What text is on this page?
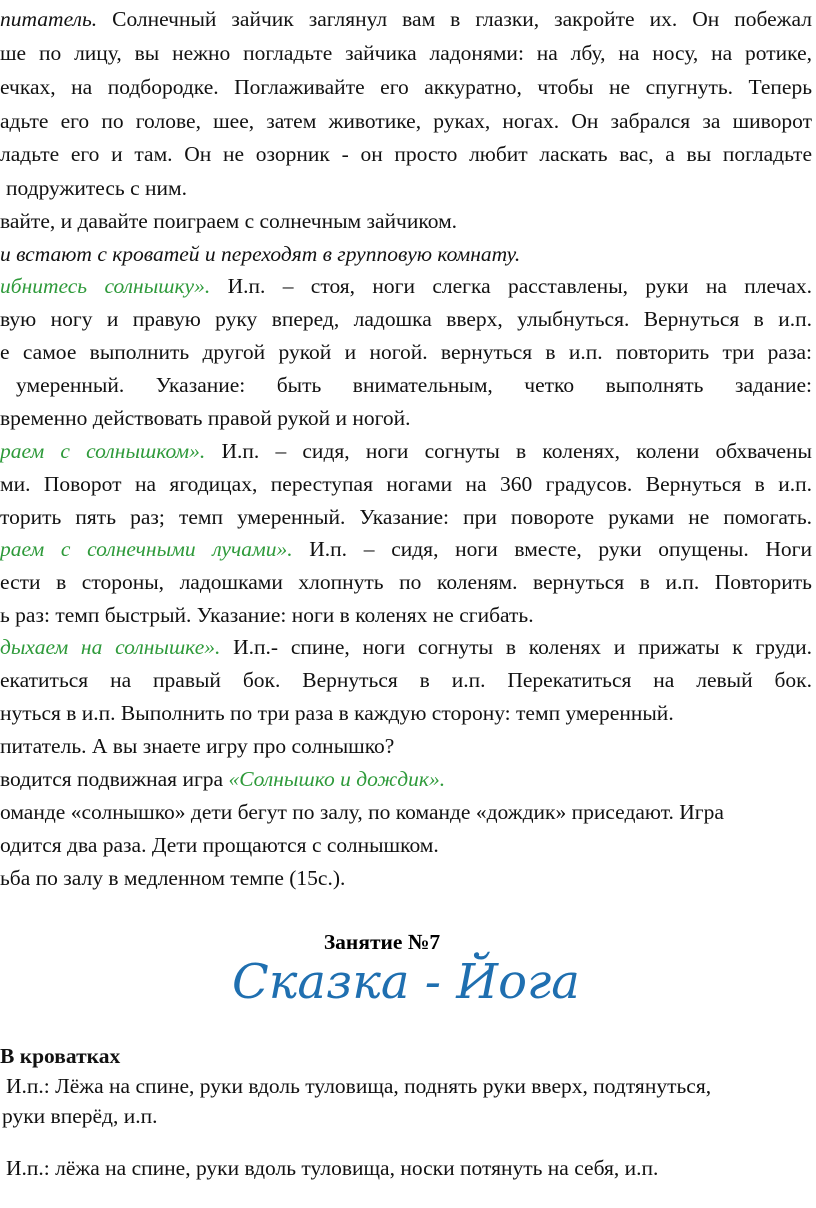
питатель. Солнечный зайчик заглянул вам в глазки, закройте их. Он побежал
ше по лицу, вы нежно погладьте зайчика ладонями: на лбу, на носу, на ротике,
ечках, на подбородке. Поглаживайте его аккуратно, чтобы не спугнуть. Теперь
адьте его по голове, шее, затем животике, руках, ногах. Он забрался за шиворот
ладьте его и там. Он не озорник - он просто любит ласкать вас, а вы погладьте
подружитесь с ним.
вайте, и давайте поиграем с солнечным зайчиком.
и встают с кроватей и переходят в групповую комнату.
ибнитесь солнышку». И.п. – стоя, ноги слегка расставлены, руки на плечах.
вую ногу и правую руку вперед, ладошка вверх, улыбнуться. Вернуться в и.п.
е самое выполнить другой рукой и ногой. вернуться в и.п. повторить три раза:
умеренный. Указание: быть внимательным, четко выполнять задание:
временно действовать правой рукой и ногой.
раем с солнышком». И.п. – сидя, ноги согнуты в коленях, колени обхвачены
ми. Поворот на ягодицах, переступая ногами на 360 градусов. Вернуться в и.п.
торить пять раз; темп умеренный. Указание: при повороте руками не помогать.
раем с солнечными лучами». И.п. – сидя, ноги вместе, руки опущены. Ноги
ести в стороны, ладошками хлопнуть по коленям. вернуться в и.п. Повторить
ь раз: темп быстрый. Указание: ноги в коленях не сгибать.
дыхаем на солнышке». И.п.- спине, ноги согнуты в коленях и прижаты к груди.
екатиться на правый бок. Вернуться в и.п. Перекатиться на левый бок.
нуться в и.п. Выполнить по три раза в каждую сторону: темп умеренный.
питатель. А вы знаете игру про солнышко?
водится подвижная игра «Солнышко и дождик».
оманде «солнышко» дети бегут по залу, по команде «дождик» приседают. Игра
одится два раза. Дети прощаются с солнышком.
ьба по залу в медленном темпе (15с.).
Занятие №7
Сказка - Йога
В кроватках
И.п.: Лёжа на спине, руки вдоль туловища, поднять руки вверх, подтянуться,
руки вперёд, и.п.
И.п.: лёжа на спине, руки вдоль туловища, носки потянуть на себя, и.п.
